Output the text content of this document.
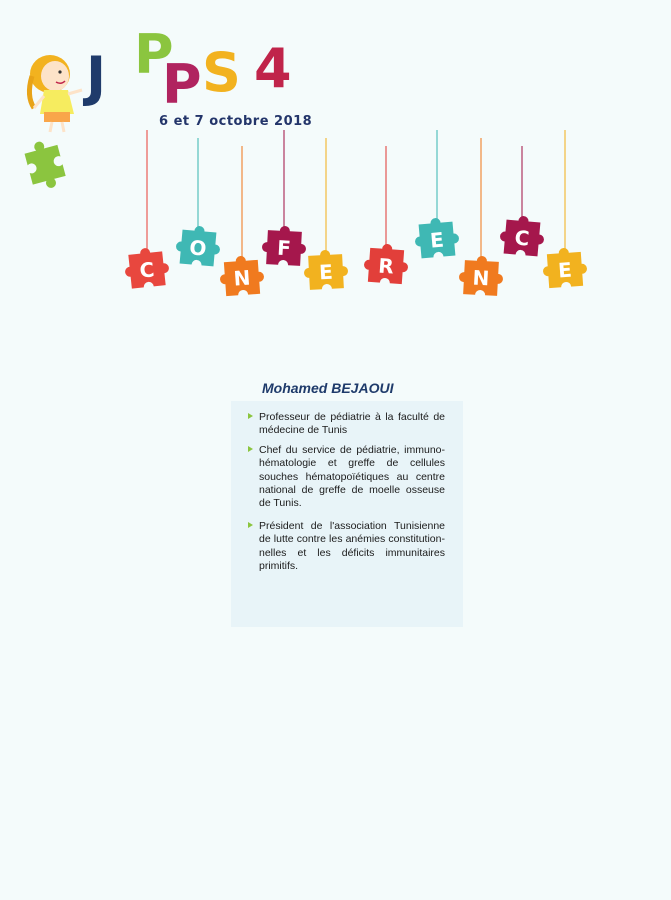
J P
P S 4
6 et 7 octobre 2018
C
O
N
F
E R
E
N
C
E
Mohamed BEJAOUI
Professeur de pédiatrie à la faculté de médecine de Tunis
Chef du service de pédiatrie, immuno-hématologie et greffe de cellules souches hématopoïétiques au centre national de greffe de moelle osseuse de Tunis.
Président de l'association Tunisienne de lutte contre les anémies constitution-nelles et les déficits immunitaires primitifs.
